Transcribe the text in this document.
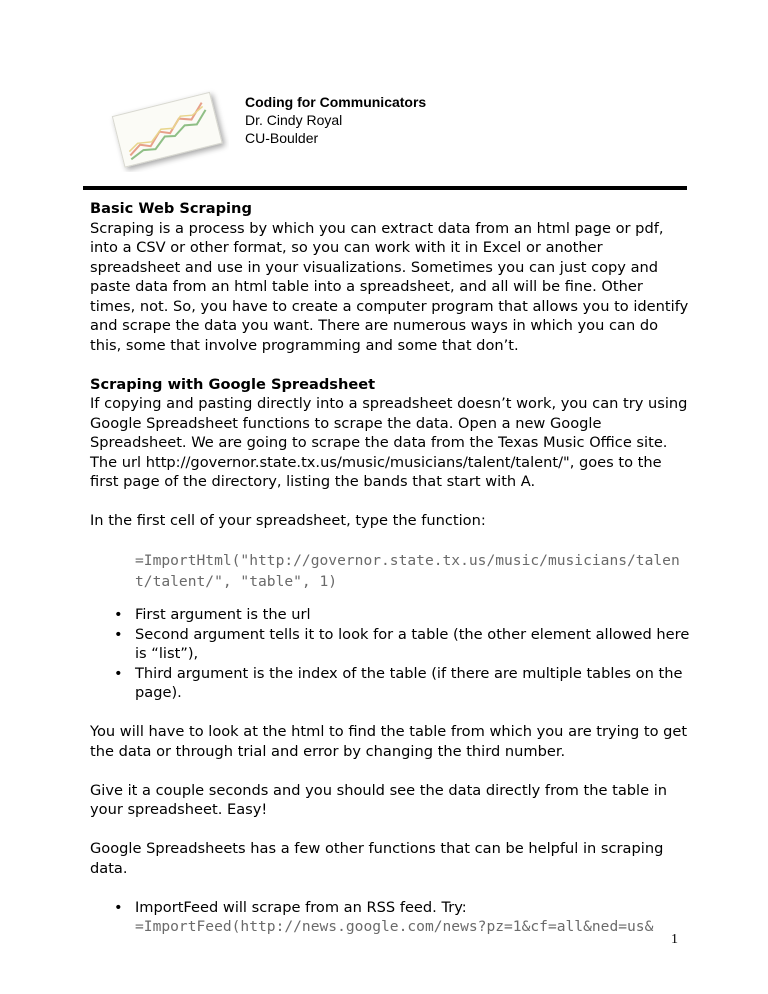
Coding for Communicators
Dr. Cindy Royal
CU-Boulder
Basic Web Scraping

Scraping is a process by which you can extract data from an html page or pdf, into a CSV or other format, so you can work with it in Excel or another spreadsheet and use in your visualizations. Sometimes you can just copy and paste data from an html table into a spreadsheet, and all will be fine. Other times, not. So, you have to create a computer program that allows you to identify and scrape the data you want. There are numerous ways in which you can do this, some that involve programming and some that don’t.

Scraping with Google Spreadsheet

If copying and pasting directly into a spreadsheet doesn’t work, you can try using Google Spreadsheet functions to scrape the data. Open a new Google Spreadsheet. We are going to scrape the data from the Texas Music Office site. The url http://governor.state.tx.us/music/musicians/talent/talent/", goes to the first page of the directory, listing the bands that start with A.

In the first cell of your spreadsheet, type the function:

=ImportHtml("http://governor.state.tx.us/music/musicians/talent/talent/", "table", 1)
• First argument is the url
• Second argument tells it to look for a table (the other element allowed here is “list”),
• Third argument is the index of the table (if there are multiple tables on the page).

You will have to look at the html to find the table from which you are trying to get the data or through trial and error by changing the third number.

Give it a couple seconds and you should see the data directly from the table in your spreadsheet. Easy!

Google Spreadsheets has a few other functions that can be helpful in scraping data.

• ImportFeed will scrape from an RSS feed. Try:
=ImportFeed(http://news.google.com/news?pz=1&cf=all&ned=us&
1
